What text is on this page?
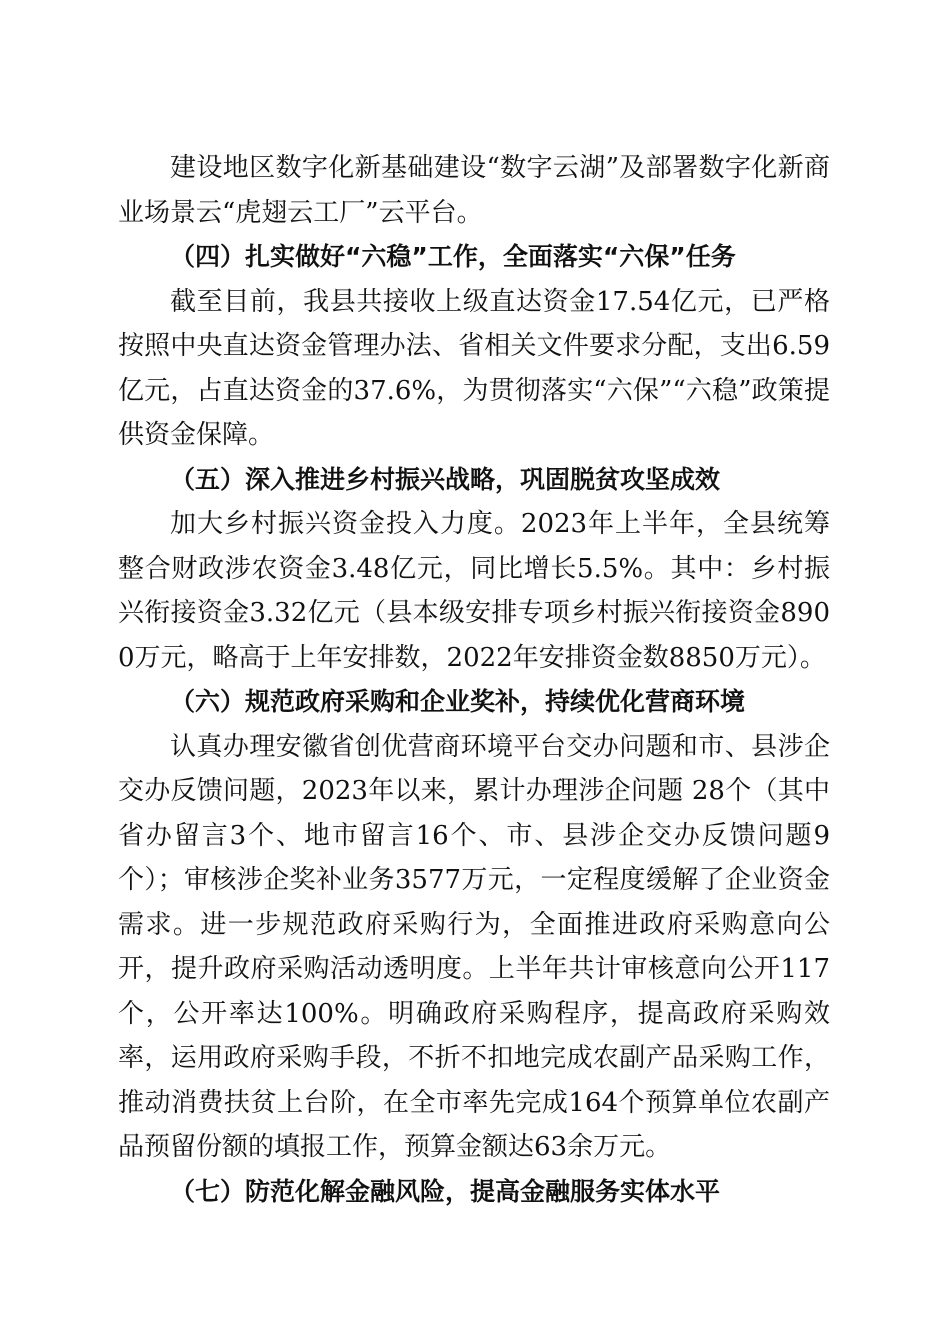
建设地区数字化新基础建设“数字云湖”及部署数字化新商业场景云“虎翅云工厂”云平台。

（四）扎实做好“六稳”工作，全面落实“六保”任务

截至目前，我县共接收上级直达资金17.54亿元，已严格按照中央直达资金管理办法、省相关文件要求分配，支出6.59亿元，占直达资金的37.6%，为贯彻落实“六保”“六稳”政策提供资金保障。

（五）深入推进乡村振兴战略，巩固脱贫攻坚成效

加大乡村振兴资金投入力度。2023年上半年，全县统筹整合财政涉农资金3.48亿元，同比增长5.5%。其中：乡村振兴衔接资金3.32亿元（县本级安排专项乡村振兴衔接资金8900万元，略高于上年安排数，2022年安排资金数8850万元）。

（六）规范政府采购和企业奖补，持续优化营商环境

认真办理安徽省创优营商环境平台交办问题和市、县涉企交办反馈问题，2023年以来，累计办理涉企问题 28个（其中省办留言3个、地市留言16个、市、县涉企交办反馈问题9个）；审核涉企奖补业务3577万元，一定程度缓解了企业资金需求。进一步规范政府采购行为，全面推进政府采购意向公开，提升政府采购活动透明度。上半年共计审核意向公开117个，公开率达100%。明确政府采购程序，提高政府采购效率，运用政府采购手段，不折不扣地完成农副产品采购工作，推动消费扶贫上台阶，在全市率先完成164个预算单位农副产品预留份额的填报工作，预算金额达63余万元。

（七）防范化解金融风险，提高金融服务实体水平
